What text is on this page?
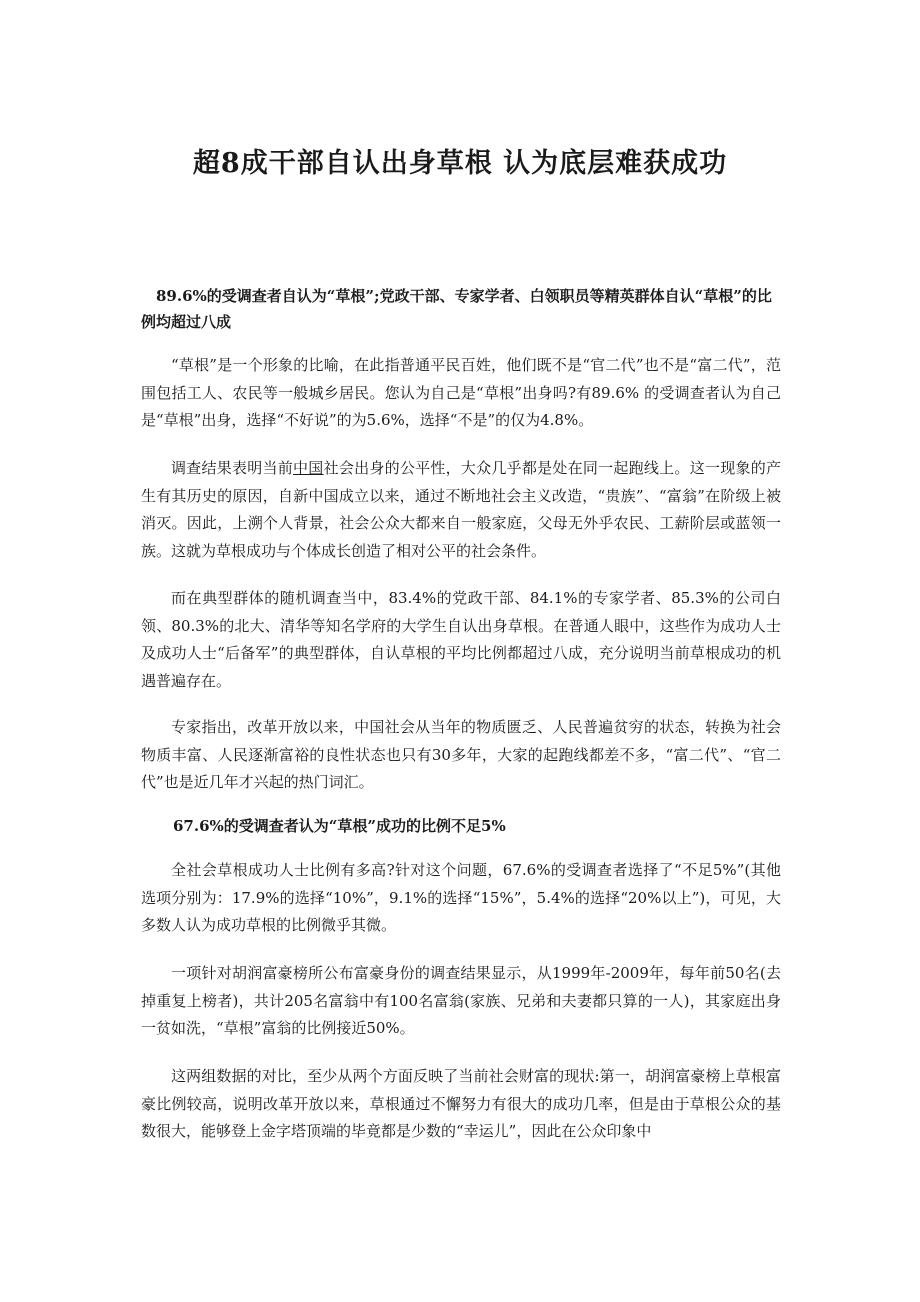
超8成干部自认出身草根 认为底层难获成功

89.6%的受调查者自认为“草根”;党政干部、专家学者、白领职员等精英群体自认“草根”的比例均超过八成

“草根”是一个形象的比喻，在此指普通平民百姓，他们既不是“官二代”也不是“富二代”，范围包括工人、农民等一般城乡居民。您认为自己是“草根”出身吗?有89.6% 的受调查者认为自己是“草根”出身，选择“不好说”的为5.6%，选择“不是”的仅为4.8%。

调查结果表明当前中国社会出身的公平性，大众几乎都是处在同一起跑线上。这一现象的产生有其历史的原因，自新中国成立以来，通过不断地社会主义改造，“贵族”、“富翁”在阶级上被消灭。因此，上溯个人背景，社会公众大都来自一般家庭，父母无外乎农民、工薪阶层或蓝领一族。这就为草根成功与个体成长创造了相对公平的社会条件。

而在典型群体的随机调查当中，83.4%的党政干部、84.1%的专家学者、85.3%的公司白领、80.3%的北大、清华等知名学府的大学生自认出身草根。在普通人眼中，这些作为成功人士及成功人士“后备军”的典型群体，自认草根的平均比例都超过八成，充分说明当前草根成功的机遇普遍存在。

专家指出，改革开放以来，中国社会从当年的物质匮乏、人民普遍贫穷的状态，转换为社会物质丰富、人民逐渐富裕的良性状态也只有30多年，大家的起跑线都差不多，“富二代”、“官二代”也是近几年才兴起的热门词汇。

67.6%的受调查者认为“草根”成功的比例不足5%

全社会草根成功人士比例有多高?针对这个问题，67.6%的受调查者选择了“不足5%”(其他选项分别为：17.9%的选择“10%”，9.1%的选择“15%”，5.4%的选择“20%以上”)，可见，大多数人认为成功草根的比例微乎其微。

一项针对胡润富豪榜所公布富豪身份的调查结果显示，从1999年-2009年，每年前50名(去掉重复上榜者)，共计205名富翁中有100名富翁(家族、兄弟和夫妻都只算的一人)，其家庭出身一贫如洗，“草根”富翁的比例接近50%。

这两组数据的对比，至少从两个方面反映了当前社会财富的现状:第一，胡润富豪榜上草根富豪比例较高，说明改革开放以来，草根通过不懈努力有很大的成功几率，但是由于草根公众的基数很大，能够登上金字塔顶端的毕竟都是少数的“幸运儿”，因此在公众印象中
